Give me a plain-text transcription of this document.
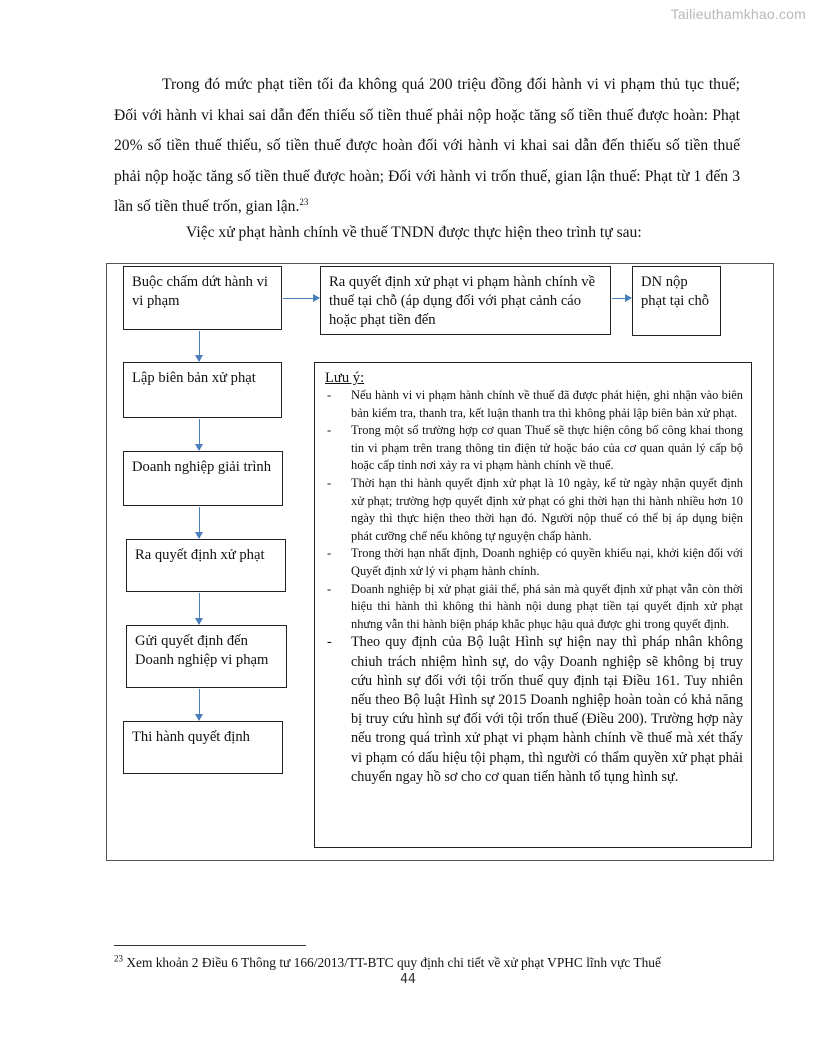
Tailieuthamkhao.com
Trong đó mức phạt tiền tối đa không quá 200 triệu đồng đối hành vi vi phạm thủ tục thuế; Đối với hành vi khai sai dẫn đến thiếu số tiền thuế phải nộp hoặc tăng số tiền thuế được hoàn: Phạt 20% số tiền thuế thiếu, số tiền thuế được hoàn đối với hành vi khai sai dẫn đến thiếu số tiền thuế phải nộp hoặc tăng số tiền thuế được hoàn; Đối với hành vi trốn thuế, gian lận thuế: Phạt từ 1 đến 3 lần số tiền thuế trốn, gian lận.$^{23}$
Việc xử phạt hành chính về thuế TNDN được thực hiện theo trình tự sau:
Buộc chấm dứt hành vi vi phạm
Ra quyết định xử phạt vi phạm hành chính về thuế tại chỗ (áp dụng đối với phạt cảnh cáo hoặc phạt tiền đến
DN nộp phạt tại chỗ
Lập biên bản xử phạt
Doanh nghiệp giải trình
Ra quyết định xử phạt
Gửi quyết định đến Doanh nghiệp vi phạm
Thi hành quyết định
Lưu ý:
- Nếu hành vi vi phạm hành chính về thuế đã được phát hiện, ghi nhận vào biên bản kiểm tra, thanh tra, kết luận thanh tra thì không phải lập biên bản xử phạt.
- Trong một số trường hợp cơ quan Thuế sẽ thực hiện công bố công khai thong tin vi phạm trên trang thông tin điện tử hoặc báo của cơ quan quản lý cấp bộ hoặc cấp tỉnh nơi xảy ra vi phạm hành chính về thuế.
- Thời hạn thi hành quyết định xử phạt là 10 ngày, kể từ ngày nhận quyết định xử phạt; trường hợp quyết định xử phạt có ghi thời hạn thi hành nhiều hơn 10 ngày thì thực hiện theo thời hạn đó. Người nộp thuế có thể bị áp dụng biện phát cưỡng chế nếu không tự nguyện chấp hành.
- Trong thời hạn nhất định, Doanh nghiệp có quyền khiếu nại, khởi kiện đối với Quyết định xử lý vi phạm hành chính.
- Doanh nghiệp bị xử phạt giải thể, phá sản mà quyết định xử phạt vẫn còn thời hiệu thi hành thì không thi hành nội dung phạt tiền tại quyết định xử phạt nhưng vẫn thi hành biện pháp khắc phục hậu quả được ghi trong quyết định.
- Theo quy định của Bộ luật Hình sự hiện nay thì pháp nhân không chiuh trách nhiệm hình sự, do vậy Doanh nghiệp sẽ không bị truy cứu hình sự đối với tội trốn thuế quy định tại Điều 161. Tuy nhiên nếu theo Bộ luật Hình sự 2015 Doanh nghiệp hoàn toàn có khả năng bị truy cứu hình sự đối với tội trốn thuế (Điều 200). Trường hợp này nếu trong quá trình xử phạt vi phạm hành chính về thuế mà xét thấy vi phạm có dấu hiệu tội phạm, thì người có thẩm quyền xử phạt phải chuyển ngay hồ sơ cho cơ quan tiến hành tố tụng hình sự.
$^{23}$ Xem khoản 2 Điều 6 Thông tư 166/2013/TT-BTC quy định chi tiết về xử phạt VPHC lĩnh vực Thuế
44
